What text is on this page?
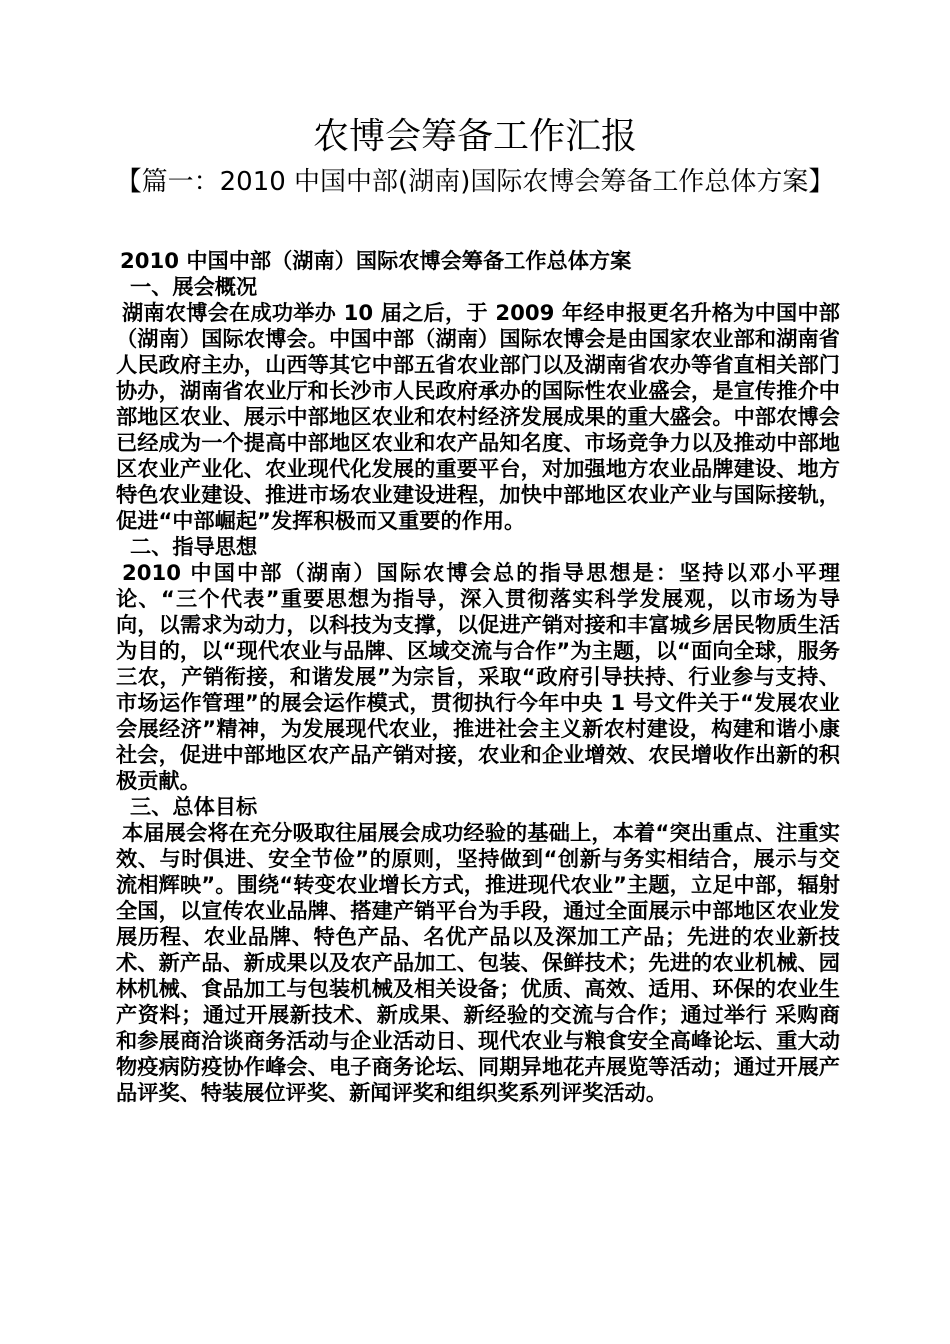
农博会筹备工作汇报
【篇一：2010 中国中部(湖南)国际农博会筹备工作总体方案】

2010 中国中部（湖南）国际农博会筹备工作总体方案

一、展会概况

湖南农博会在成功举办 10 届之后，于 2009 年经申报更名升格为中国中部（湖南）国际农博会。中国中部（湖南）国际农博会是由国家农业部和湖南省人民政府主办，山西等其它中部五省农业部门以及湖南省农办等省直相关部门协办，湖南省农业厅和长沙市人民政府承办的国际性农业盛会，是宣传推介中部地区农业、展示中部地区农业和农村经济发展成果的重大盛会。中部农博会已经成为一个提高中部地区农业和农产品知名度、市场竞争力以及推动中部地区农业产业化、农业现代化发展的重要平台，对加强地方农业品牌建设、地方特色农业建设、推进市场农业建设进程，加快中部地区农业产业与国际接轨，促进“中部崛起”发挥积极而又重要的作用。

二、指导思想

2010 中国中部（湖南）国际农博会总的指导思想是：坚持以邓小平理论、“三个代表”重要思想为指导，深入贯彻落实科学发展观，以市场为导向，以需求为动力，以科技为支撑，以促进产销对接和丰富城乡居民物质生活为目的，以“现代农业与品牌、区域交流与合作”为主题，以“面向全球，服务三农，产销衔接，和谐发展”为宗旨，采取“政府引导扶持、行业参与支持、市场运作管理”的展会运作模式，贯彻执行今年中央 1 号文件关于“发展农业会展经济”精神，为发展现代农业，推进社会主义新农村建设，构建和谐小康社会，促进中部地区农产品产销对接，农业和企业增效、农民增收作出新的积极贡献。

三、总体目标

本届展会将在充分吸取往届展会成功经验的基础上，本着“突出重点、注重实效、与时俱进、安全节俭”的原则，坚持做到“创新与务实相结合，展示与交流相辉映”。围绕“转变农业增长方式，推进现代农业”主题，立足中部，辐射全国，以宣传农业品牌、搭建产销平台为手段，通过全面展示中部地区农业发展历程、农业品牌、特色产品、名优产品以及深加工产品；先进的农业新技术、新产品、新成果以及农产品加工、包装、保鲜技术；先进的农业机械、园林机械、食品加工与包装机械及相关设备；优质、高效、适用、环保的农业生产资料；通过开展新技术、新成果、新经验的交流与合作；通过举行 采购商和参展商洽谈商务活动与企业活动日、现代农业与粮食安全高峰论坛、重大动物疫病防疫协作峰会、电子商务论坛、同期异地花卉展览等活动；通过开展产品评奖、特装展位评奖、新闻评奖和组织奖系列评奖活动。
